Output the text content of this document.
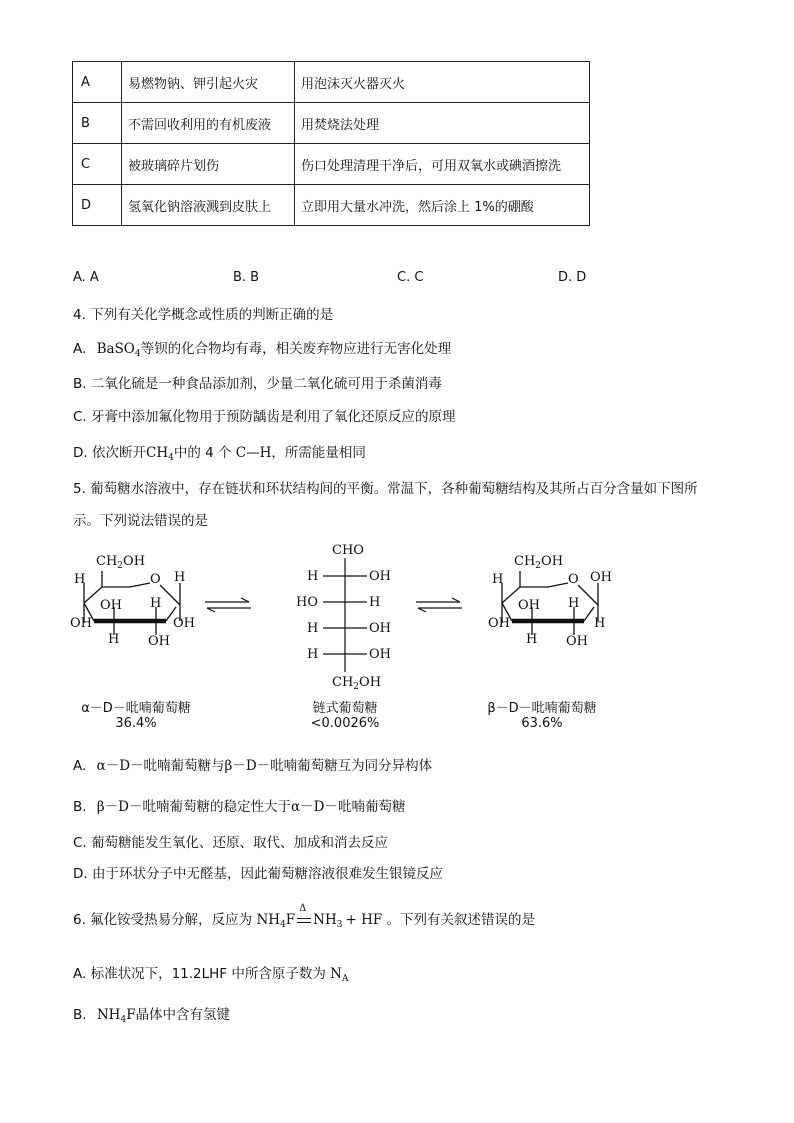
A	易燃物钠、钾引起火灾	用泡沫灭火器灭火
B	不需回收利用的有机废液	用焚烧法处理
C	被玻璃碎片划伤	伤口处理清理干净后，可用双氧水或碘酒擦洗
D	氢氧化钠溶液溅到皮肤上	立即用大量水冲洗，然后涂上 1%的硼酸
A. A	B. B	C. C	D. D
4. 下列有关化学概念或性质的判断正确的是
A. BaSO$_4$等钡的化合物均有毒，相关废弃物应进行无害化处理
B. 二氧化硫是一种食品添加剂，少量二氧化硫可用于杀菌消毒
C. 牙膏中添加氟化物用于预防龋齿是利用了氧化还原反应的原理
D. 依次断开$CH_4$中的 4 个 C—H，所需能量相同
5. 葡萄糖水溶液中，存在链状和环状结构间的平衡。常温下，各种葡萄糖结构及其所占百分含量如下图所
示。下列说法错误的是
$CH_2OH$
H	O H
OH H
OH	OH
H OH
α－D－吡喃葡萄糖
36.4%
CHO
H	OH
HO	H
H	OH
H	OH
$CH_2OH$
链式葡萄糖
<0.0026%
$CH_2OH$
H	O OH
OH H
OH	H
H OH
β－D－吡喃葡萄糖
63.6%
A. α－D－吡喃葡萄糖与β－D－吡喃葡萄糖互为同分异构体
B. β－D－吡喃葡萄糖的稳定性大于α－D－吡喃葡萄糖
C. 葡萄糖能发生氧化、还原、取代、加成和消去反应
D. 由于环状分子中无醛基，因此葡萄糖溶液很难发生银镜反应
6. 氟化铵受热易分解，反应为 $NH_4F$
Δ
$NH_3$ + HF 。下列有关叙述错误的是
A. 标准状况下，11.2LHF 中所含原子数为 $N_A$
B. $NH_4F$晶体中含有氢键
